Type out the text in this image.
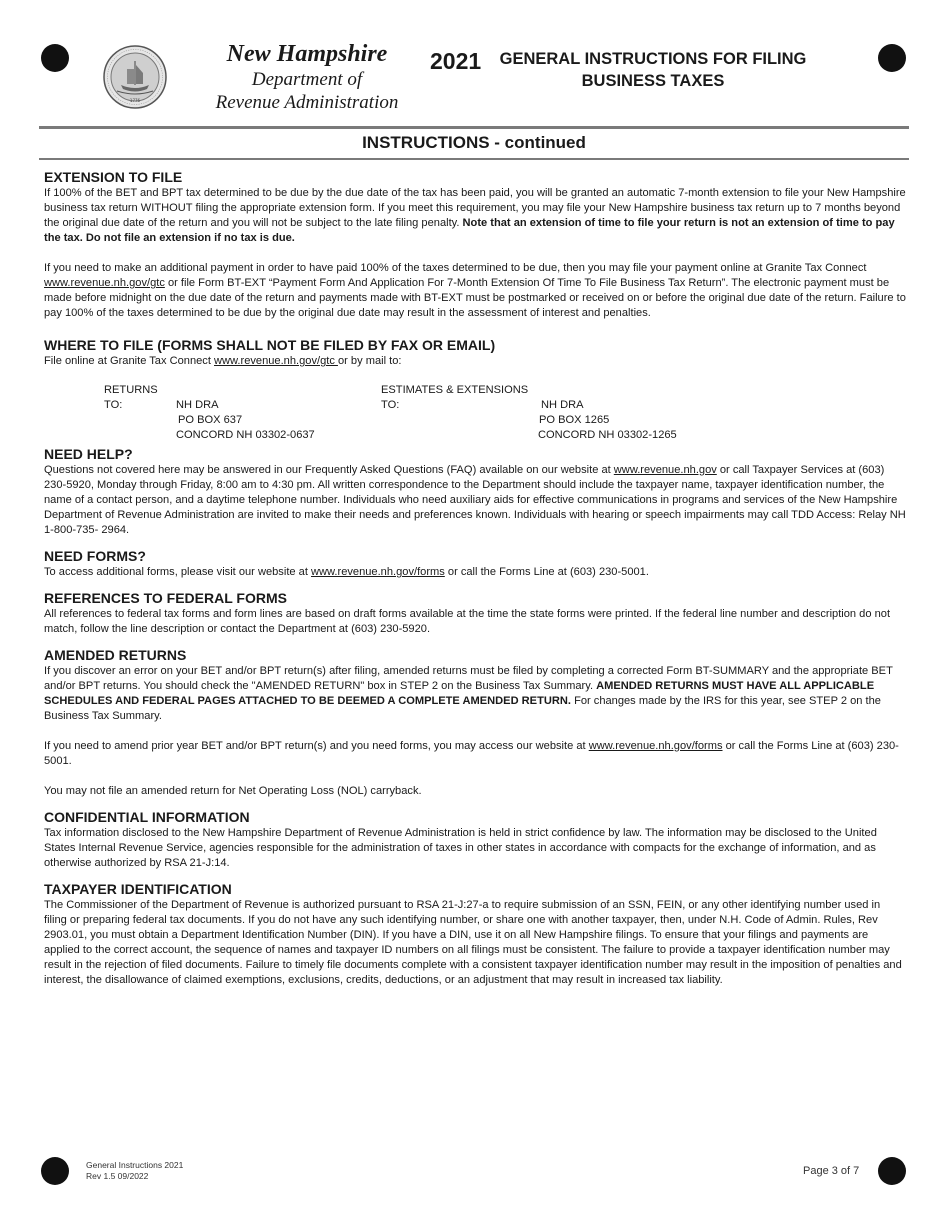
1776
New Hampshire
Department of
Revenue Administration
2021	GENERAL INSTRUCTIONS FOR FILING
BUSINESS TAXES
INSTRUCTIONS - continued
EXTENSION TO FILE

If 100% of the BET and BPT tax determined to be due by the due date of the tax has been paid, you will be granted an automatic 7-month extension to file your New Hampshire business tax return WITHOUT filing the appropriate extension form. If you meet this requirement, you may file your New Hampshire business tax return up to 7 months beyond the original due date of the return and you will not be subject to the late filing penalty. Note that an extension of time to file your return is not an extension of time to pay the tax. Do not file an extension if no tax is due.

If you need to make an additional payment in order to have paid 100% of the taxes determined to be due, then you may file your payment online at Granite Tax Connect www.revenue.nh.gov/gtc or file Form BT-EXT “Payment Form And Application For 7-Month Extension Of Time To File Business Tax Return”. The electronic payment must be made before midnight on the due date of the return and payments made with BT-EXT must be postmarked or received on or before the original due date of the return. Failure to pay 100% of the taxes determined to be due by the original due date may result in the assessment of interest and penalties.

WHERE TO FILE (FORMS SHALL NOT BE FILED BY FAX OR EMAIL)

File online at Granite Tax Connect www.revenue.nh.gov/gtc or by mail to:

RETURNS TO:	NH DRA
PO BOX 637
CONCORD NH 03302-0637
ESTIMATES & EXTENSIONS TO:	NH DRA
PO BOX 1265
CONCORD NH 03302-1265
NEED HELP?

Questions not covered here may be answered in our Frequently Asked Questions (FAQ) available on our website at www.revenue.nh.gov or call Taxpayer Services at (603) 230-5920, Monday through Friday, 8:00 am to 4:30 pm. All written correspondence to the Department should include the taxpayer name, taxpayer identification number, the name of a contact person, and a daytime telephone number. Individuals who need auxiliary aids for effective communications in programs and services of the New Hampshire Department of Revenue Administration are invited to make their needs and preferences known. Individuals with hearing or speech impairments may call TDD Access: Relay NH 1-800-735- 2964.

NEED FORMS?

To access additional forms, please visit our website at www.revenue.nh.gov/forms or call the Forms Line at (603) 230-5001.

REFERENCES TO FEDERAL FORMS

All references to federal tax forms and form lines are based on draft forms available at the time the state forms were printed. If the federal line number and description do not match, follow the line description or contact the Department at (603) 230-5920.

AMENDED RETURNS

If you discover an error on your BET and/or BPT return(s) after filing, amended returns must be filed by completing a corrected Form BT-SUMMARY and the appropriate BET and/or BPT returns. You should check the "AMENDED RETURN" box in STEP 2 on the Business Tax Summary. AMENDED RETURNS MUST HAVE ALL APPLICABLE SCHEDULES AND FEDERAL PAGES ATTACHED TO BE DEEMED A COMPLETE AMENDED RETURN. For changes made by the IRS for this year, see STEP 2 on the Business Tax Summary.

If you need to amend prior year BET and/or BPT return(s) and you need forms, you may access our website at www.revenue.nh.gov/forms or call the Forms Line at (603) 230-5001.

You may not file an amended return for Net Operating Loss (NOL) carryback.

CONFIDENTIAL INFORMATION

Tax information disclosed to the New Hampshire Department of Revenue Administration is held in strict confidence by law. The information may be disclosed to the United States Internal Revenue Service, agencies responsible for the administration of taxes in other states in accordance with compacts for the exchange of information, and as otherwise authorized by RSA 21-J:14.

TAXPAYER IDENTIFICATION

The Commissioner of the Department of Revenue is authorized pursuant to RSA 21-J:27-a to require submission of an SSN, FEIN, or any other identifying number used in filing or preparing federal tax documents. If you do not have any such identifying number, or share one with another taxpayer, then, under N.H. Code of Admin. Rules, Rev 2903.01, you must obtain a Department Identification Number (DIN). If you have a DIN, use it on all New Hampshire filings. To ensure that your filings and payments are applied to the correct account, the sequence of names and taxpayer ID numbers on all filings must be consistent. The failure to provide a taxpayer identification number may result in the rejection of filed documents. Failure to timely file documents complete with a consistent taxpayer identification number may result in the imposition of penalties and interest, the disallowance of claimed exemptions, exclusions, credits, deductions, or an adjustment that may result in increased tax liability.

General Instructions 2021
Rev 1.5 09/2022	Page 3 of 7
